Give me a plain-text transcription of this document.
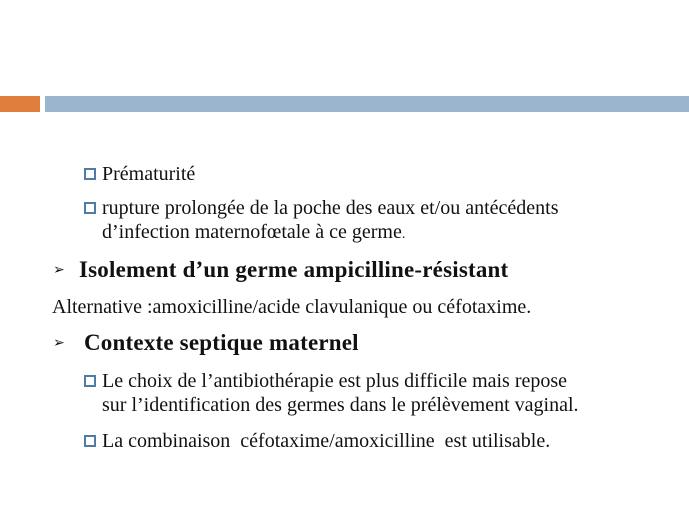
Prématurité
rupture prolongée de la poche des eaux et/ou antécédents
d’infection maternofœtale à ce germe.
➢ Isolement d’un germe ampicilline-résistant
Alternative :amoxicilline/acide clavulanique ou céfotaxime.
➢ Contexte septique maternel
Le choix de l’antibiothérapie est plus difficile mais repose
sur l’identification des germes dans le prélèvement vaginal.
La combinaison  céfotaxime/amoxicilline  est utilisable.
